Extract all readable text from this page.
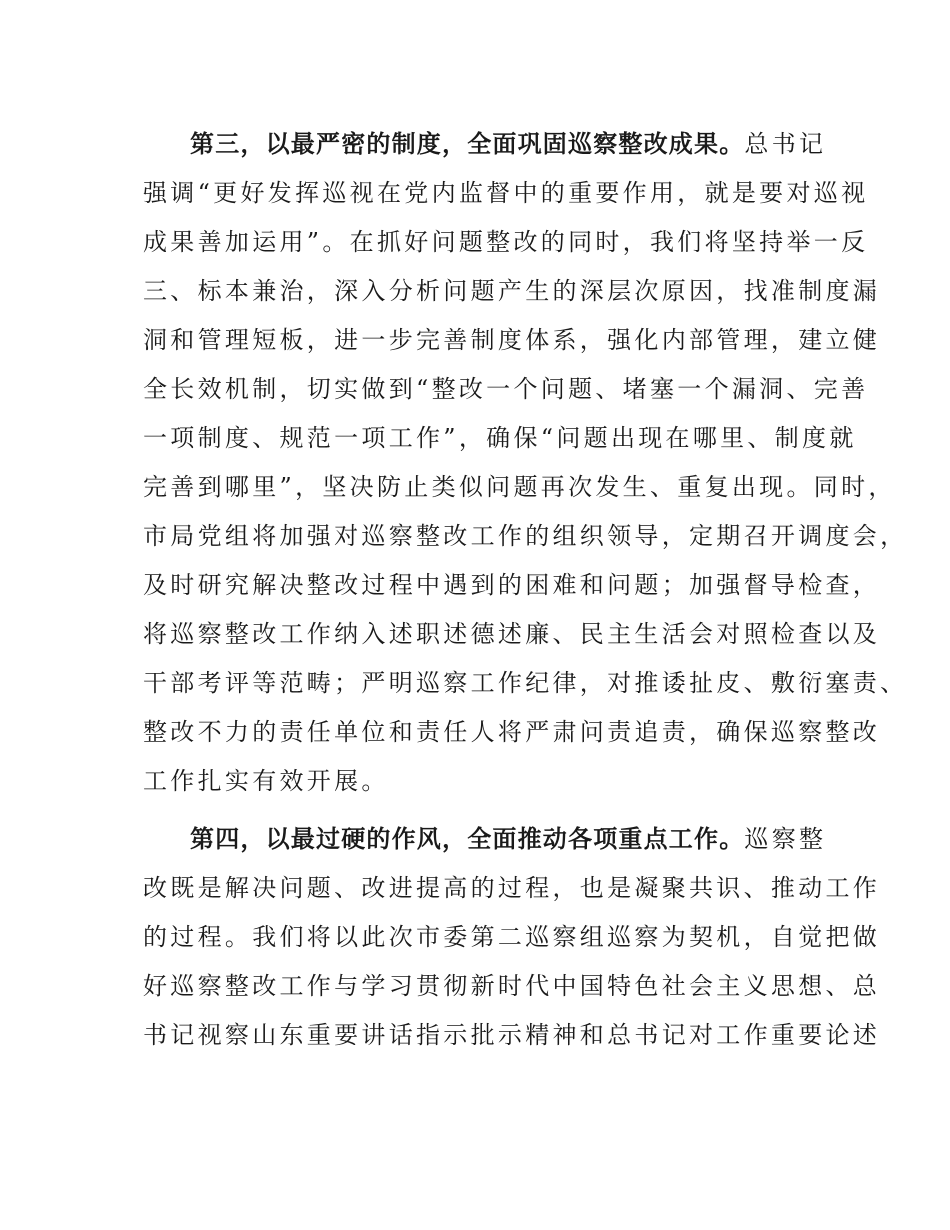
第三，以最严密的制度，全面巩固巡察整改成果。总书记
强调“更好发挥巡视在党内监督中的重要作用，就是要对巡视
成果善加运用”。在抓好问题整改的同时，我们将坚持举一反
三、标本兼治，深入分析问题产生的深层次原因，找准制度漏
洞和管理短板，进一步完善制度体系，强化内部管理，建立健
全长效机制，切实做到“整改一个问题、堵塞一个漏洞、完善
一项制度、规范一项工作”，确保“问题出现在哪里、制度就
完善到哪里”，坚决防止类似问题再次发生、重复出现。同时，
市局党组将加强对巡察整改工作的组织领导，定期召开调度会，
及时研究解决整改过程中遇到的困难和问题；加强督导检查，
将巡察整改工作纳入述职述德述廉、民主生活会对照检查以及
干部考评等范畴；严明巡察工作纪律，对推诿扯皮、敷衍塞责、
整改不力的责任单位和责任人将严肃问责追责，确保巡察整改
工作扎实有效开展。
第四，以最过硬的作风，全面推动各项重点工作。巡察整
改既是解决问题、改进提高的过程，也是凝聚共识、推动工作
的过程。我们将以此次市委第二巡察组巡察为契机，自觉把做
好巡察整改工作与学习贯彻新时代中国特色社会主义思想、总
书记视察山东重要讲话指示批示精神和总书记对工作重要论述
